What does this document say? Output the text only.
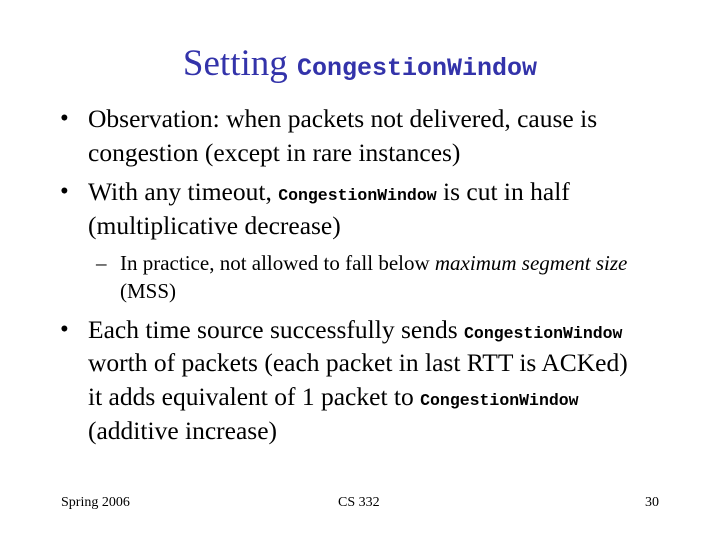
Setting CongestionWindow
• Observation: when packets not delivered, cause is
congestion (except in rare instances)
• With any timeout, CongestionWindow is cut in half
(multiplicative decrease)
– In practice, not allowed to fall below maximum segment size
(MSS)
• Each time source successfully sends CongestionWindow
worth of packets (each packet in last RTT is ACKed)
it adds equivalent of 1 packet to CongestionWindow
(additive increase)
Spring 2006	CS 332	30
